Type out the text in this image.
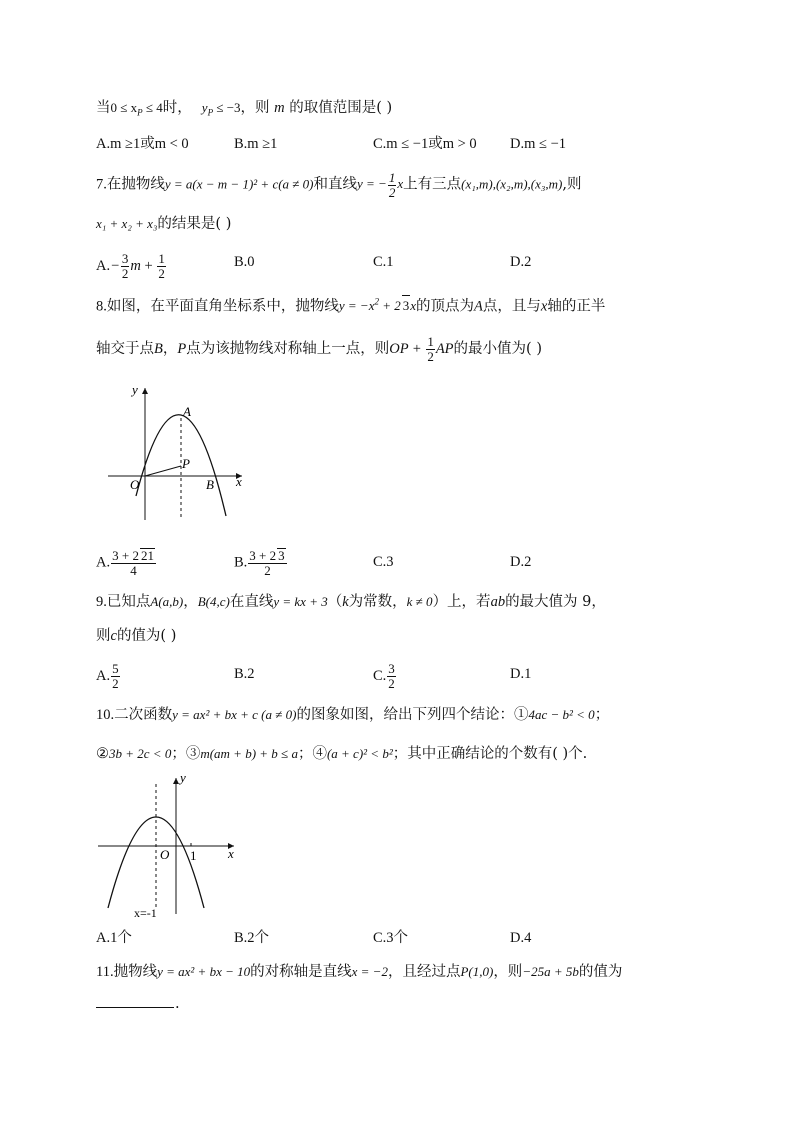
当$0 \le x_P \le 4$时， $y_P \le -3$，则 m 的取值范围是( )
A.m ≥1或m < 0	B.m ≥1	C.m ≤ −1或m > 0 D.m ≤ −1
7.在抛物线y = a(x − m − 1)² + c(a ≠ 0)和直线y = − $\frac{1}{2}$ x上有三点(x₁,m),(x₂,m),(x₃,m),则
x₁ + x₂ + x₃的结果是( )
$A.- \frac{3}{2}$ $m + \frac{1}{2}$	B.0	C.1	D.2
8.如图，在平面直角坐标系中，抛物线$y = -x^2 + 2$ 3x的顶点为A点，且与x轴的正半
轴交于点B，P点为该抛物线对称轴上一点，则OP + $\frac{1}{2}$ AP的最小值为( )
y
x
O
A
P
B
A. $\frac{3 + 2 21}{4}$	B. $\frac{3 + 2 3}{2}$	C.3	D.2
9.已知点A(a,b)，B(4,c)在直线y = kx + 3（k为常数，k ≠ 0）上，若ab的最大值为 9，
则c的值为( )
A. $\frac{5}{2}$	B.2	C. $\frac{3}{2}$	D.1
10.二次函数y = ax² + bx + c (a ≠ 0)的图象如图，给出下列四个结论：①4ac − b² < 0；
②3b + 2c < 0；③m(am + b) + b ≤ a；④(a + c)² < b²；其中正确结论的个数有( )个.
y
x
O 1
x=-1
A.1个	B.2个	C.3个	D.4
11.抛物线y = ax² + bx − 10的对称轴是直线x = −2，且经过点P(1,0)，则−25a + 5b的值为
.
